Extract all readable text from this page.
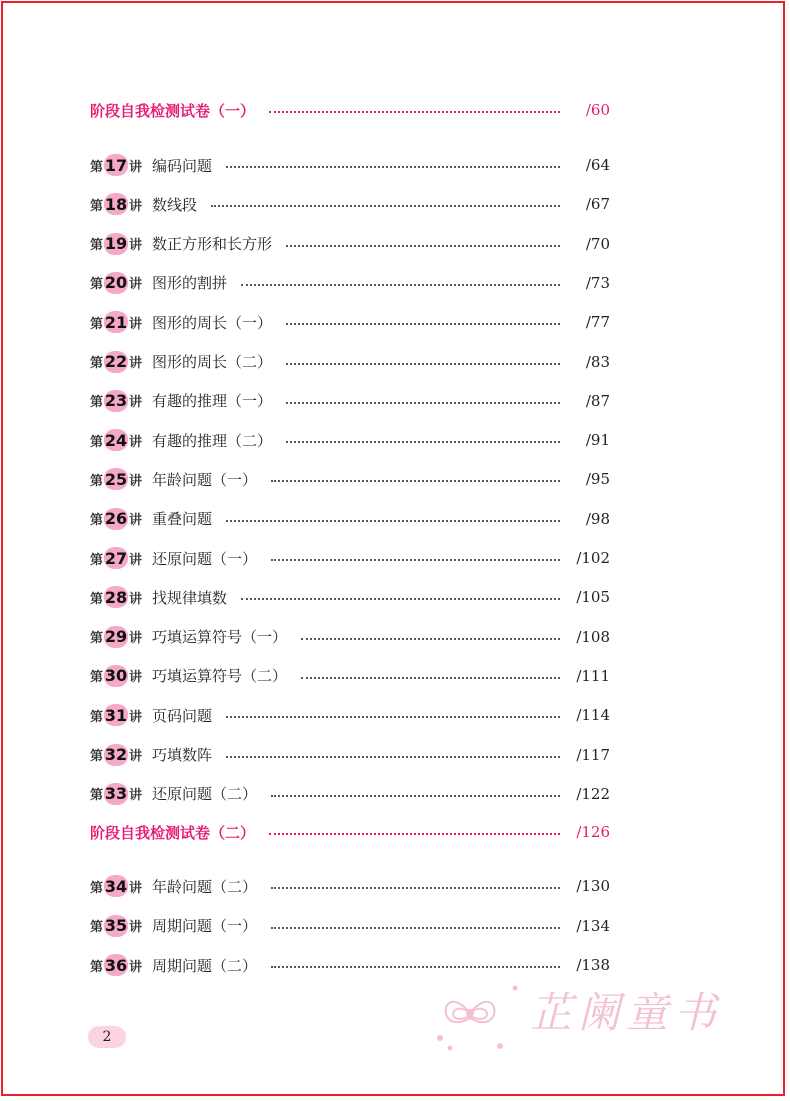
阶段自我检测试卷（一）	/60
第 17 讲 编码问题	/64
第 18 讲 数线段	/67
第 19 讲 数正方形和长方形	/70
第 20 讲 图形的割拼	/73
第 21 讲 图形的周长（一）	/77
第 22 讲 图形的周长（二）	/83
第 23 讲 有趣的推理（一）	/87
第 24 讲 有趣的推理（二）	/91
第 25 讲 年龄问题（一）	/95
第 26 讲 重叠问题	/98
第 27 讲 还原问题（一）	/102
第 28 讲 找规律填数	/105
第 29 讲 巧填运算符号（一）	/108
第 30 讲 巧填运算符号（二）	/111
第 31 讲 页码问题	/114
第 32 讲 巧填数阵	/117
第 33 讲 还原问题（二）	/122
阶段自我检测试卷（二）	/126
第 34 讲 年龄问题（二）	/130
第 35 讲 周期问题（一）	/134
第 36 讲 周期问题（二）	/138
2	芷阑童书
